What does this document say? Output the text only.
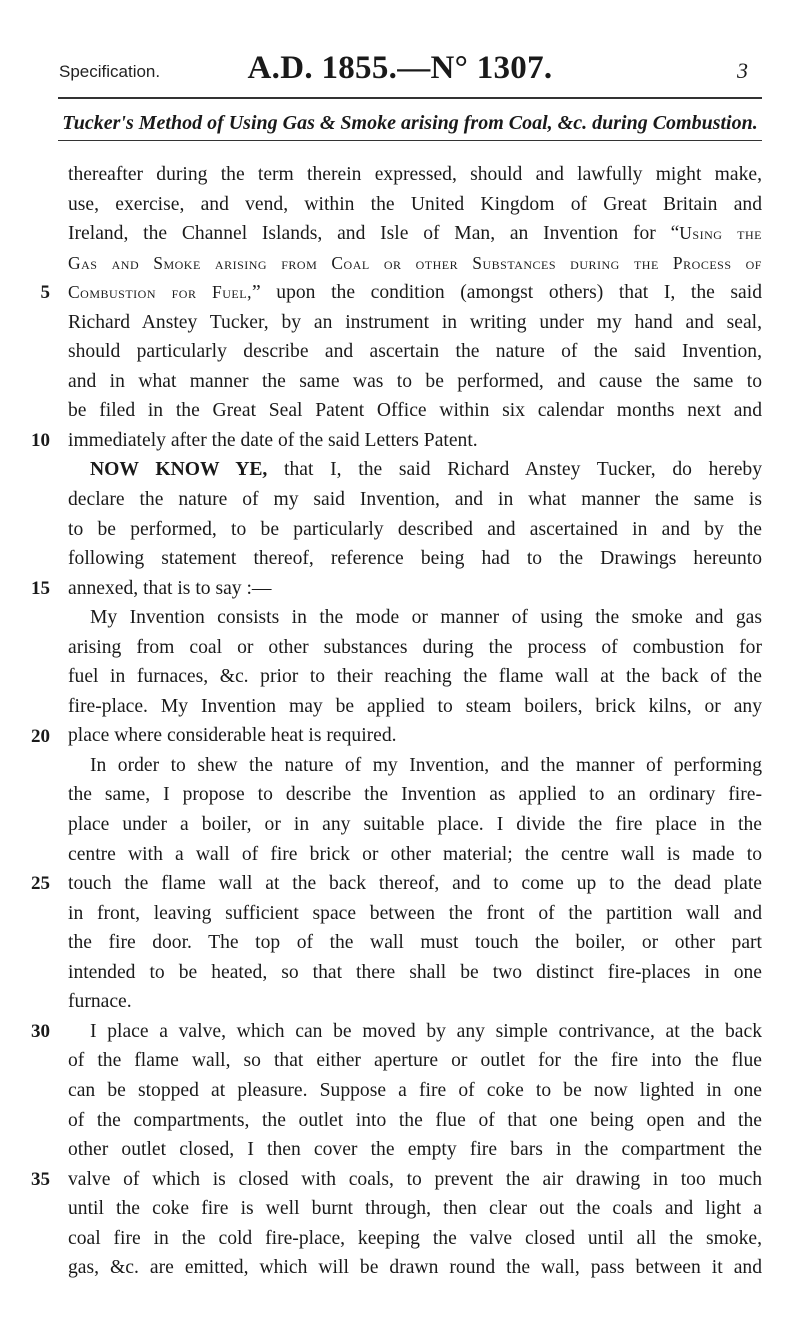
Specification.	A.D. 1855.—N° 1307.	3
Tucker's Method of Using Gas & Smoke arising from Coal, &c. during Combustion.
5
10
15
20
25
30
35
thereafter during the term therein expressed, should and lawfully might make,
use, exercise, and vend, within the United Kingdom of Great Britain and
Ireland, the Channel Islands, and Isle of Man, an Invention for “Using the
Gas and Smoke arising from Coal or other Substances during the Process of
Combustion for Fuel,” upon the condition (amongst others) that I, the said
Richard Anstey Tucker, by an instrument in writing under my hand and seal,
should particularly describe and ascertain the nature of the said Invention,
and in what manner the same was to be performed, and cause the same to
be filed in the Great Seal Patent Office within six calendar months next and
immediately after the date of the said Letters Patent.
NOW KNOW YE, that I, the said Richard Anstey Tucker, do hereby
declare the nature of my said Invention, and in what manner the same is
to be performed, to be particularly described and ascertained in and by the
following statement thereof, reference being had to the Drawings hereunto
annexed, that is to say :—
My Invention consists in the mode or manner of using the smoke and gas
arising from coal or other substances during the process of combustion for
fuel in furnaces, &c. prior to their reaching the flame wall at the back of the
fire-place. My Invention may be applied to steam boilers, brick kilns, or any
place where considerable heat is required.
In order to shew the nature of my Invention, and the manner of performing
the same, I propose to describe the Invention as applied to an ordinary fire-
place under a boiler, or in any suitable place. I divide the fire place in the
centre with a wall of fire brick or other material; the centre wall is made to
touch the flame wall at the back thereof, and to come up to the dead plate
in front, leaving sufficient space between the front of the partition wall and
the fire door. The top of the wall must touch the boiler, or other part
intended to be heated, so that there shall be two distinct fire-places in one
furnace.
I place a valve, which can be moved by any simple contrivance, at the back
of the flame wall, so that either aperture or outlet for the fire into the flue
can be stopped at pleasure. Suppose a fire of coke to be now lighted in one
of the compartments, the outlet into the flue of that one being open and the
other outlet closed, I then cover the empty fire bars in the compartment the
valve of which is closed with coals, to prevent the air drawing in too much
until the coke fire is well burnt through, then clear out the coals and light a
coal fire in the cold fire-place, keeping the valve closed until all the smoke,
gas, &c. are emitted, which will be drawn round the wall, pass between it and
